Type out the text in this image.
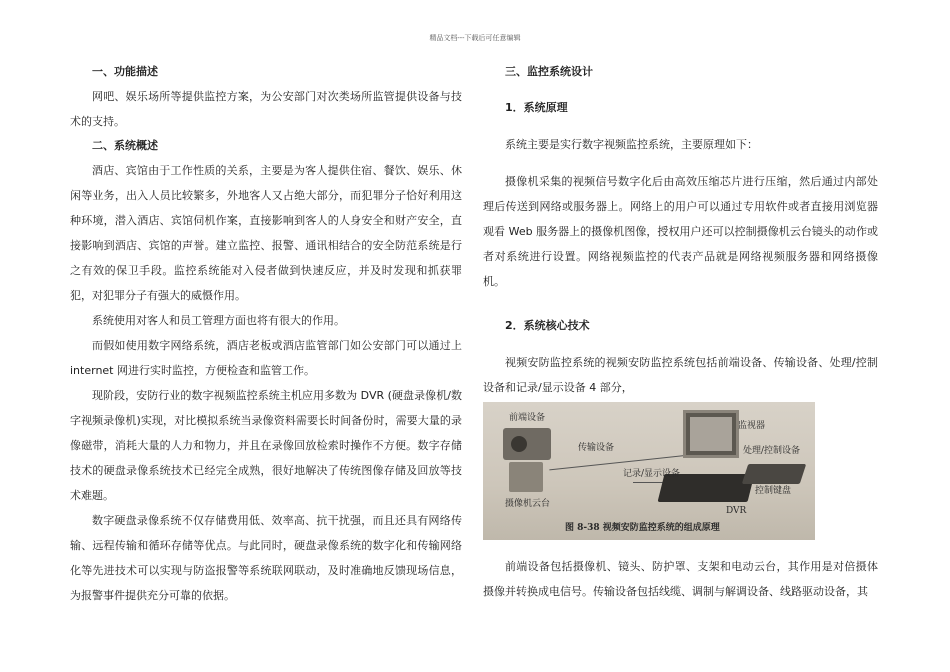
精品文档---下载后可任意编辑
一、功能描述

网吧、娱乐场所等提供监控方案，为公安部门对次类场所监管提供设备与技术的支持。

二、系统概述

酒店、宾馆由于工作性质的关系，主要是为客人提供住宿、餐饮、娱乐、休闲等业务，出入人员比较繁多，外地客人又占绝大部分，而犯罪分子恰好利用这种环境，潜入酒店、宾馆伺机作案，直接影响到客人的人身安全和财产安全，直接影响到酒店、宾馆的声誉。建立监控、报警、通讯相结合的安全防范系统是行之有效的保卫手段。监控系统能对入侵者做到快速反应，并及时发现和抓获罪犯，对犯罪分子有强大的威慑作用。

系统使用对客人和员工管理方面也将有很大的作用。

而假如使用数字网络系统，酒店老板或酒店监管部门如公安部门可以通过上 internet 网进行实时监控，方便检查和监管工作。

现阶段，安防行业的数字视频监控系统主机应用多数为 DVR (硬盘录像机/数字视频录像机)实现，对比模拟系统当录像资料需要长时间备份时，需要大量的录像磁带，消耗大量的人力和物力，并且在录像回放检索时操作不方便。数字存储技术的硬盘录像系统技术已经完全成熟，很好地解决了传统图像存储及回放等技术难题。

数字硬盘录像系统不仅存储费用低、效率高、抗干扰强，而且还具有网络传输、远程传输和循环存储等优点。与此同时，硬盘录像系统的数字化和传输网络化等先进技术可以实现与防盗报警等系统联网联动，及时准确地反馈现场信息，为报警事件提供充分可靠的依据。

三、监控系统设计
1．系统原理

系统主要是实行数字视频监控系统，主要原理如下：

摄像机采集的视频信号数字化后由高效压缩芯片进行压缩，然后通过内部处理后传送到网络或服务器上。网络上的用户可以通过专用软件或者直接用浏览器观看 Web 服务器上的摄像机图像，授权用户还可以控制摄像机云台镜头的动作或者对系统进行设置。网络视频监控的代表产品就是网络视频服务器和网络摄像机。

2．系统核心技术

视频安防监控系统的视频安防监控系统包括前端设备、传输设备、处理/控制设备和记录/显示设备 4 部分，

前端设备
传输设备
监视器
处理/控制设备
记录/显示设备
摄像机云台
控制键盘
DVR
图 8-38 视频安防监控系统的组成原理

前端设备包括摄像机、镜头、防护罩、支架和电动云台，其作用是对倍摄体摄像并转换成电信号。传输设备包括线缆、调制与解调设备、线路驱动设备，其
